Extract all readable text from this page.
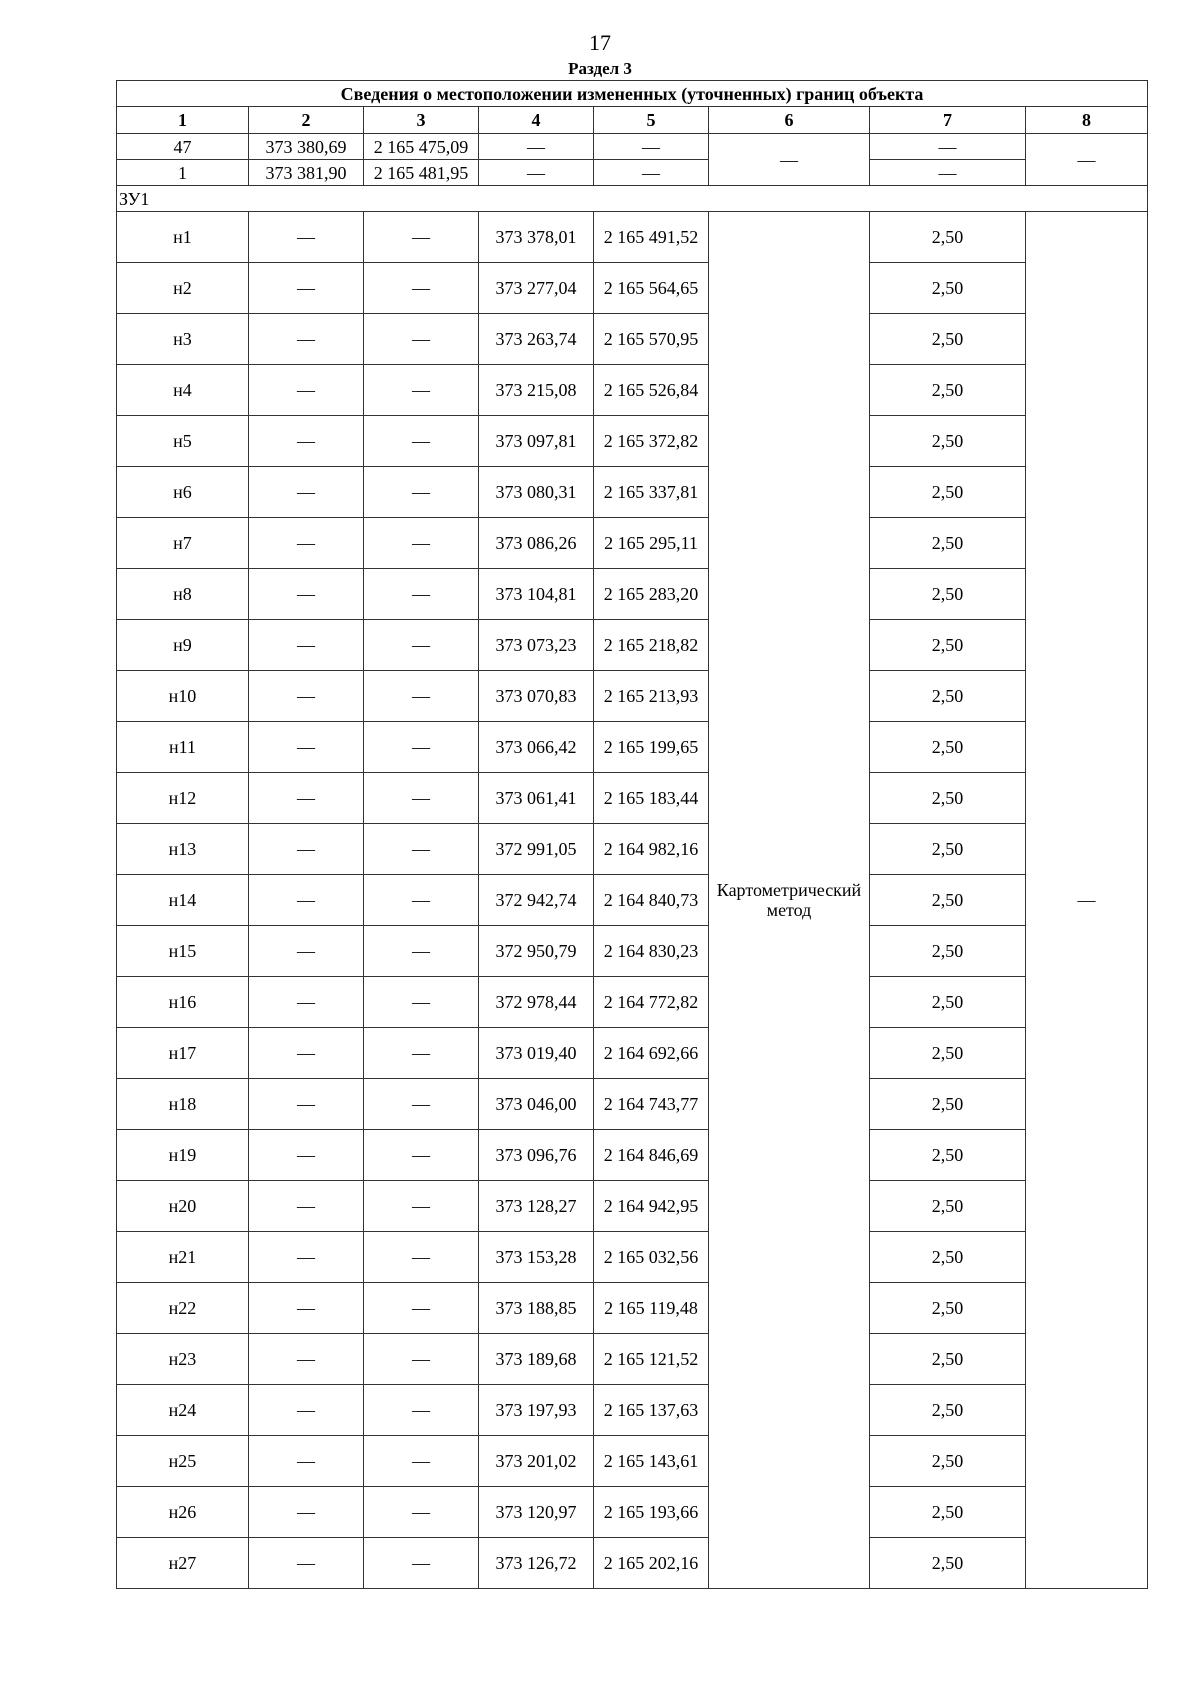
17
Раздел 3
Сведения о местоположении измененных (уточненных) границ объекта							
1	2	3	4	5	6	7	8
47	373 380,69	2 165 475,09	—	—	—	—	—
1	373 381,90	2 165 481,95	—	—		—	
ЗУ1							
н1	—	—	373 378,01	2 165 491,52	Картометрический метод	2,50	—
н2	—	—	373 277,04	2 165 564,65		2,50	
н3	—	—	373 263,74	2 165 570,95		2,50	
н4	—	—	373 215,08	2 165 526,84		2,50	
н5	—	—	373 097,81	2 165 372,82		2,50	
н6	—	—	373 080,31	2 165 337,81		2,50	
н7	—	—	373 086,26	2 165 295,11		2,50	
н8	—	—	373 104,81	2 165 283,20		2,50	
н9	—	—	373 073,23	2 165 218,82		2,50	
н10	—	—	373 070,83	2 165 213,93		2,50	
н11	—	—	373 066,42	2 165 199,65		2,50	
н12	—	—	373 061,41	2 165 183,44		2,50	
н13	—	—	372 991,05	2 164 982,16		2,50	
н14	—	—	372 942,74	2 164 840,73		2,50	
н15	—	—	372 950,79	2 164 830,23		2,50	
н16	—	—	372 978,44	2 164 772,82		2,50	
н17	—	—	373 019,40	2 164 692,66		2,50	
н18	—	—	373 046,00	2 164 743,77		2,50	
н19	—	—	373 096,76	2 164 846,69		2,50	
н20	—	—	373 128,27	2 164 942,95		2,50	
н21	—	—	373 153,28	2 165 032,56		2,50	
н22	—	—	373 188,85	2 165 119,48		2,50	
н23	—	—	373 189,68	2 165 121,52		2,50	
н24	—	—	373 197,93	2 165 137,63		2,50	
н25	—	—	373 201,02	2 165 143,61		2,50	
н26	—	—	373 120,97	2 165 193,66		2,50	
н27	—	—	373 126,72	2 165 202,16		2,50	
